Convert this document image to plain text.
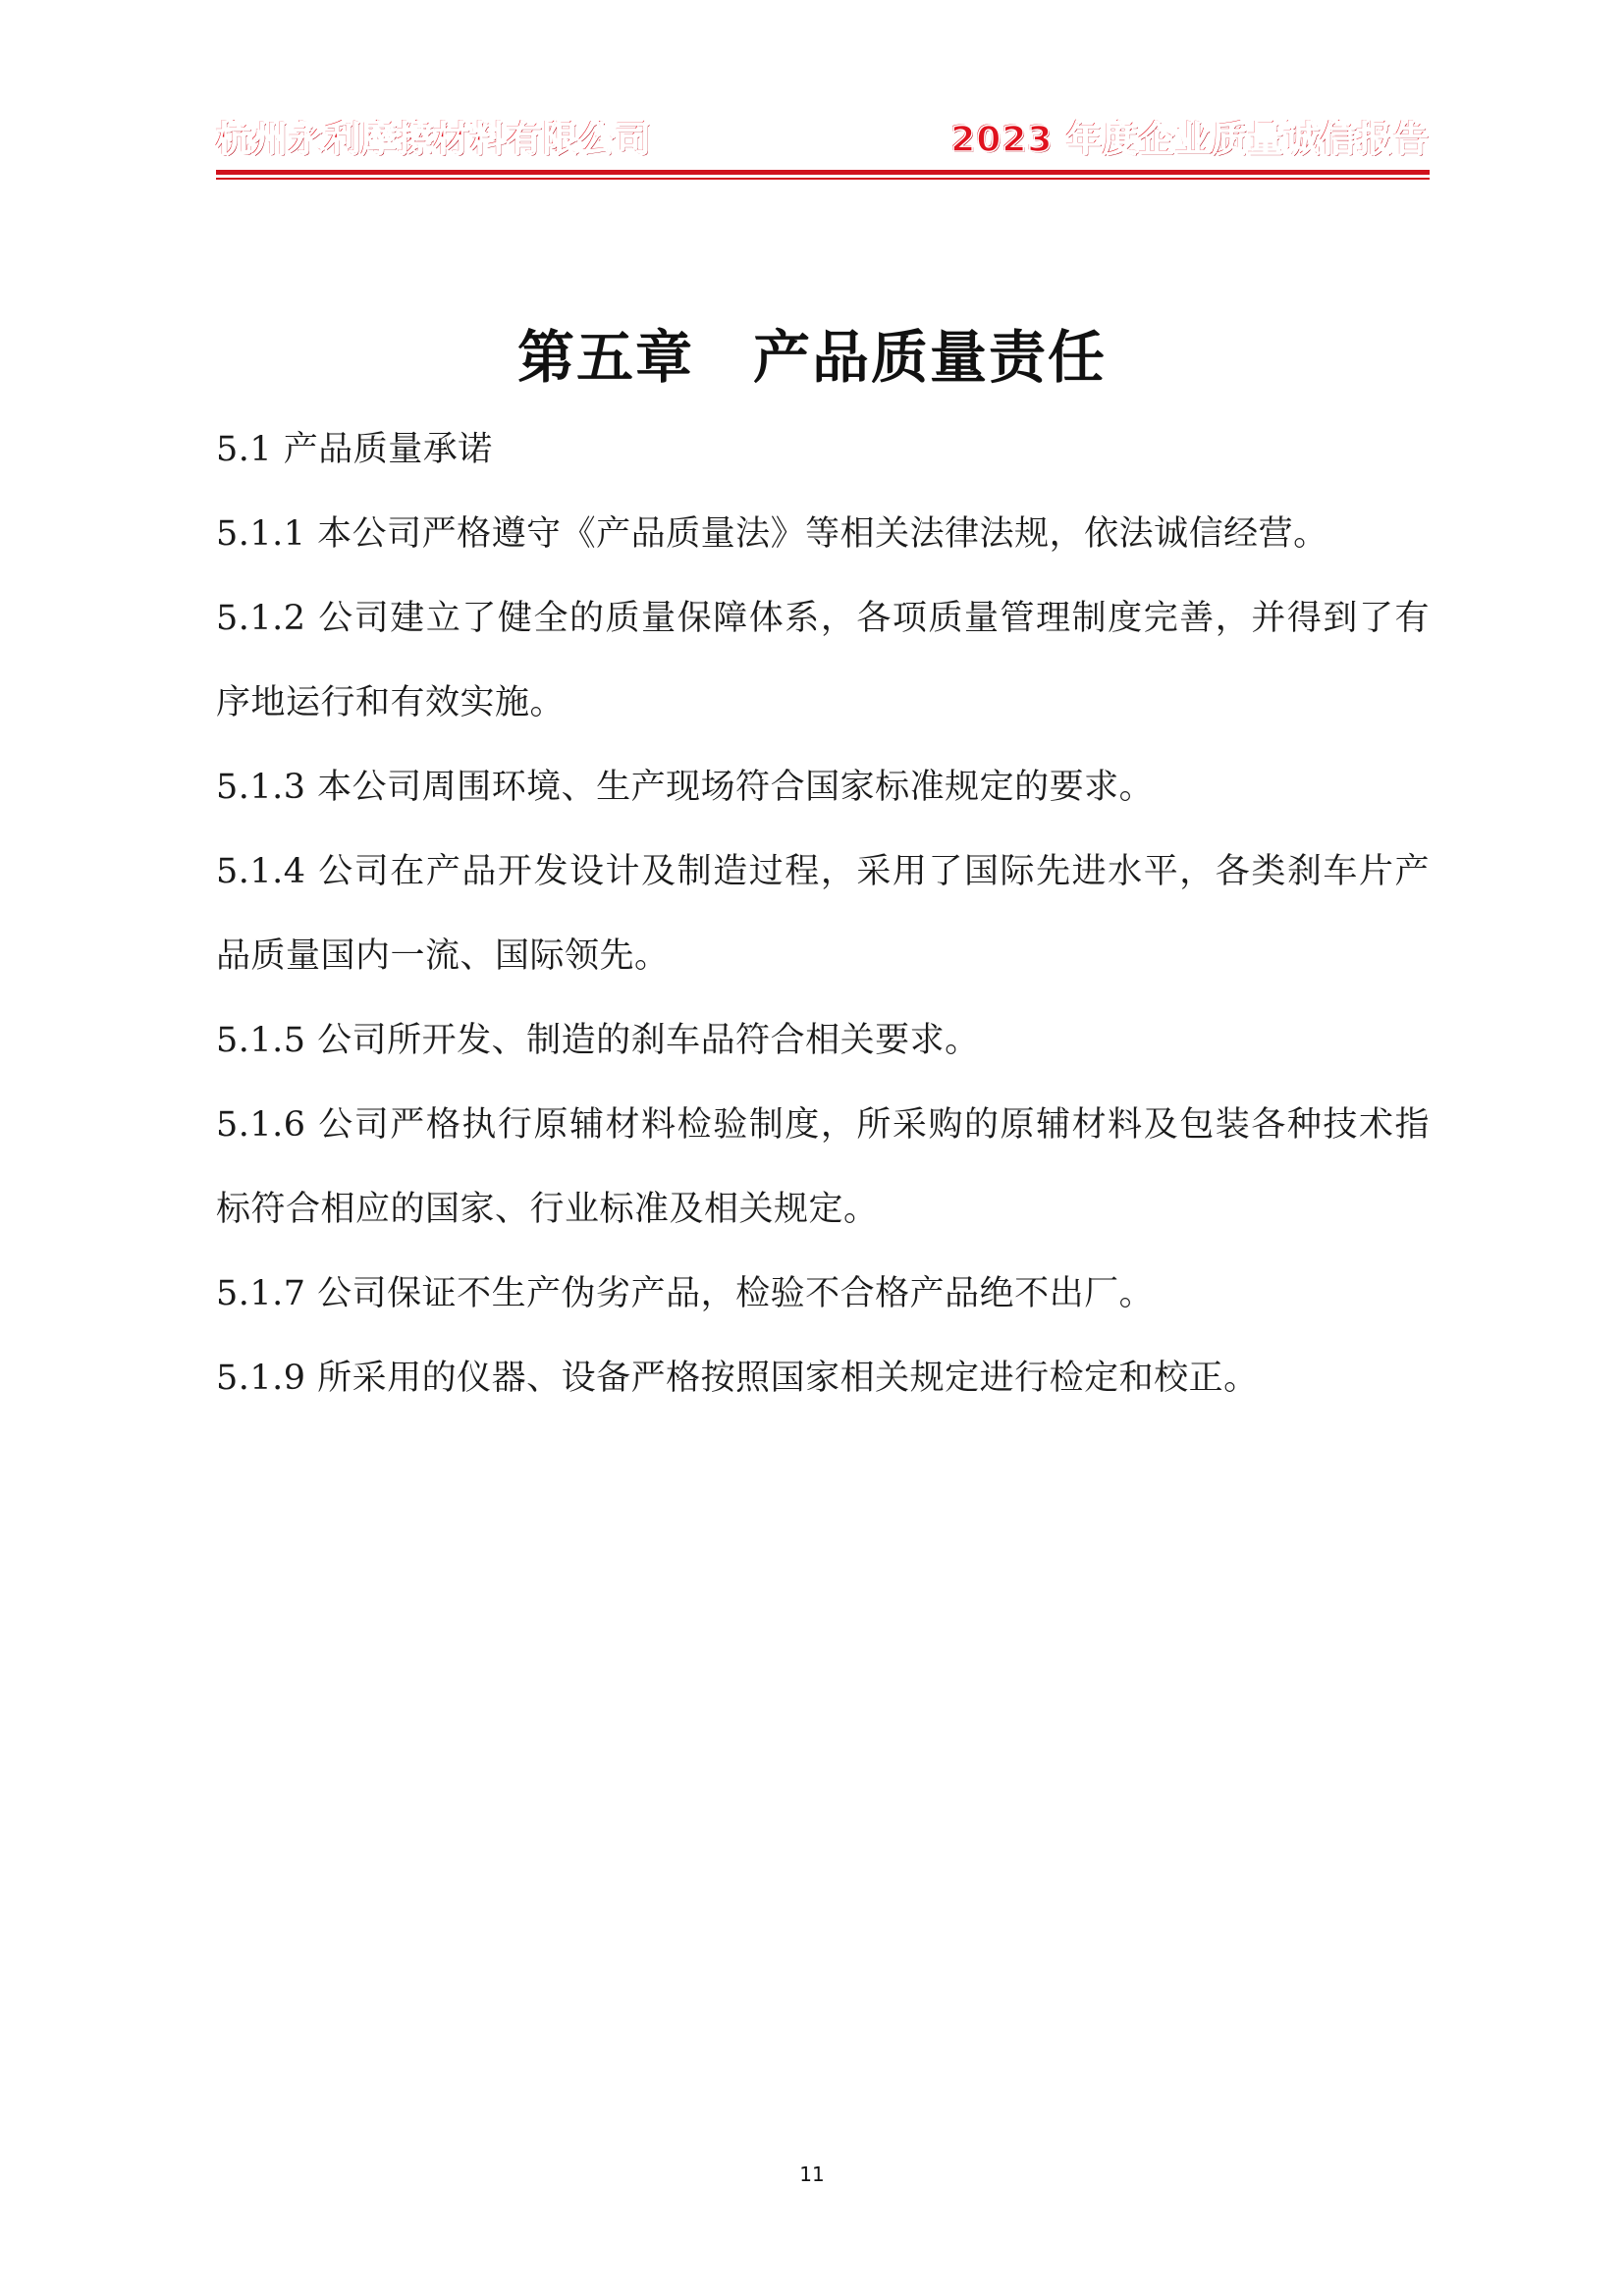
杭州永利摩擦材料有限公司	2023 年度企业质量诚信报告
第五章　产品质量责任

5.1 产品质量承诺

5.1.1 本公司严格遵守《产品质量法》等相关法律法规，依法诚信经营。

5.1.2 公司建立了健全的质量保障体系，各项质量管理制度完善，并得到了有序地运行和有效实施。

5.1.3 本公司周围环境、生产现场符合国家标准规定的要求。

5.1.4 公司在产品开发设计及制造过程，采用了国际先进水平，各类刹车片产品质量国内一流、国际领先。

5.1.5 公司所开发、制造的刹车品符合相关要求。

5.1.6 公司严格执行原辅材料检验制度，所采购的原辅材料及包装各种技术指标符合相应的国家、行业标准及相关规定。

5.1.7 公司保证不生产伪劣产品，检验不合格产品绝不出厂。

5.1.9 所采用的仪器、设备严格按照国家相关规定进行检定和校正。

11
